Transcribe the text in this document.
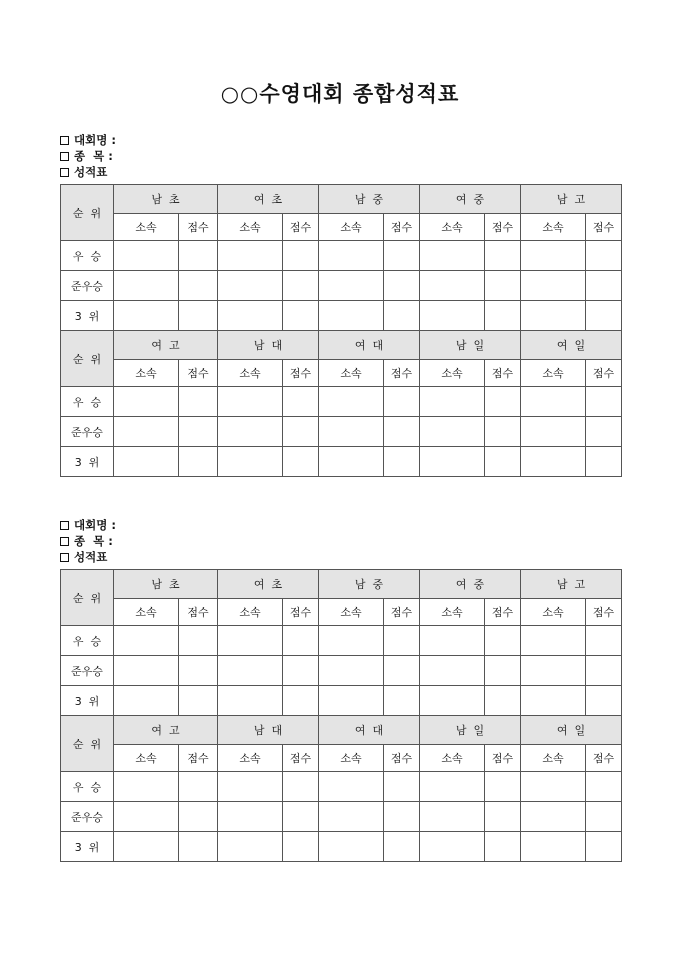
○○수영대회 종합성적표
대회명 :
종  목 :
성적표
순  위	남  초		여  초		남  중		여  중		남  고	
	소속	점수	소속	점수	소속	점수	소속	점수	소속	점수
우  승										
준우승										
3  위										
순  위	여  고		남  대		여  대		남  일		여  일	
	소속	점수	소속	점수	소속	점수	소속	점수	소속	점수
우  승										
준우승										
3  위										
대회명 :
종  목 :
성적표
순  위	남  초		여  초		남  중		여  중		남  고	
	소속	점수	소속	점수	소속	점수	소속	점수	소속	점수
우  승										
준우승										
3  위										
순  위	여  고		남  대		여  대		남  일		여  일	
	소속	점수	소속	점수	소속	점수	소속	점수	소속	점수
우  승										
준우승										
3  위										
